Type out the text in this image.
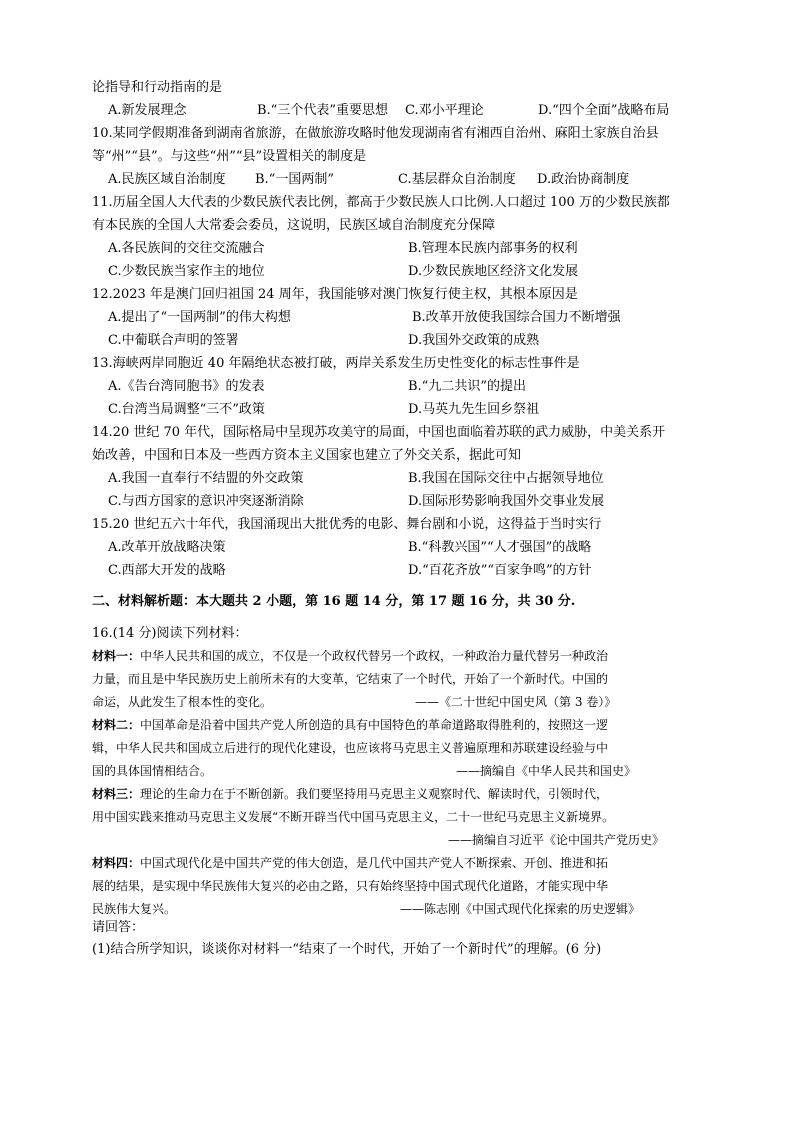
论指导和行动指南的是
A.新发展理念	B.“三个代表”重要思想 C.邓小平理论	D.“四个全面”战略布局
10.某同学假期准备到湖南省旅游，在做旅游攻略时他发现湖南省有湘西自治州、麻阳土家族自治县
等“州”“县”。与这些“州”“县”设置相关的制度是
A.民族区域自治制度 B.“一国两制”	C.基层群众自治制度 D.政治协商制度
11.历届全国人大代表的少数民族代表比例，都高于少数民族人口比例.人口超过 100 万的少数民族都
有本民族的全国人大常委会委员，这说明，民族区域自治制度充分保障
A.各民族间的交往交流融合	B.管理本民族内部事务的权利
C.少数民族当家作主的地位	D.少数民族地区经济文化发展
12.2023 年是澳门回归祖国 24 周年，我国能够对澳门恢复行使主权，其根本原因是
A.提出了“一国两制”的伟大构想	B.改革开放使我国综合国力不断增强
C.中葡联合声明的签署	D.我国外交政策的成熟
13.海峡两岸同胞近 40 年隔绝状态被打破，两岸关系发生历史性变化的标志性事件是
A.《告台湾同胞书》的发表	B.“九二共识”的提出
C.台湾当局调整“三不”政策	D.马英九先生回乡祭祖
14.20 世纪 70 年代，国际格局中呈现苏攻美守的局面，中国也面临着苏联的武力威胁，中美关系开
始改善，中国和日本及一些西方资本主义国家也建立了外交关系，据此可知
A.我国一直奉行不结盟的外交政策	B.我国在国际交往中占据领导地位
C.与西方国家的意识冲突逐渐消除	D.国际形势影响我国外交事业发展
15.20 世纪五六十年代，我国涌现出大批优秀的电影、舞台剧和小说，这得益于当时实行
A.改革开放战略决策	B.“科教兴国”“人才强国”的战略
C.西部大开发的战略	D.“百花齐放”“百家争鸣”的方针
二、材料解析题：本大题共 2 小题，第 16 题 14 分，第 17 题 16 分，共 30 分.
16.(14 分)阅读下列材料：
材料一：中华人民共和国的成立，不仅是一个政权代替另一个政权，一种政治力量代替另一种政治
力量，而且是中华民族历史上前所未有的大变革，它结束了一个时代，开始了一个新时代。中国的
命运，从此发生了根本性的变化。	——《二十世纪中国史风（第 3 卷）》
材料二：中国革命是沿着中国共产党人所创造的具有中国特色的革命道路取得胜利的，按照这一逻
辑，中华人民共和国成立后进行的现代化建设，也应该将马克思主义普遍原理和苏联建设经验与中
国的具体国情相结合。	——摘编自《中华人民共和国史》
材料三：理论的生命力在于不断创新。我们要坚持用马克思主义观察时代、解读时代，引领时代，
用中国实践来推动马克思主义发展“不断开辟当代中国马克思主义，二十一世纪马克思主义新境界。
——摘编自习近平《论中国共产党历史》
材料四：中国式现代化是中国共产党的伟大创造，是几代中国共产党人不断探索、开创、推进和拓
展的结果，是实现中华民族伟大复兴的必由之路，只有始终坚持中国式现代化道路，才能实现中华
民族伟大复兴。	——陈志刚《中国式现代化探索的历史逻辑》
请回答：
(1)结合所学知识，谈谈你对材料一“结束了一个时代，开始了一个新时代”的理解。(6 分)
